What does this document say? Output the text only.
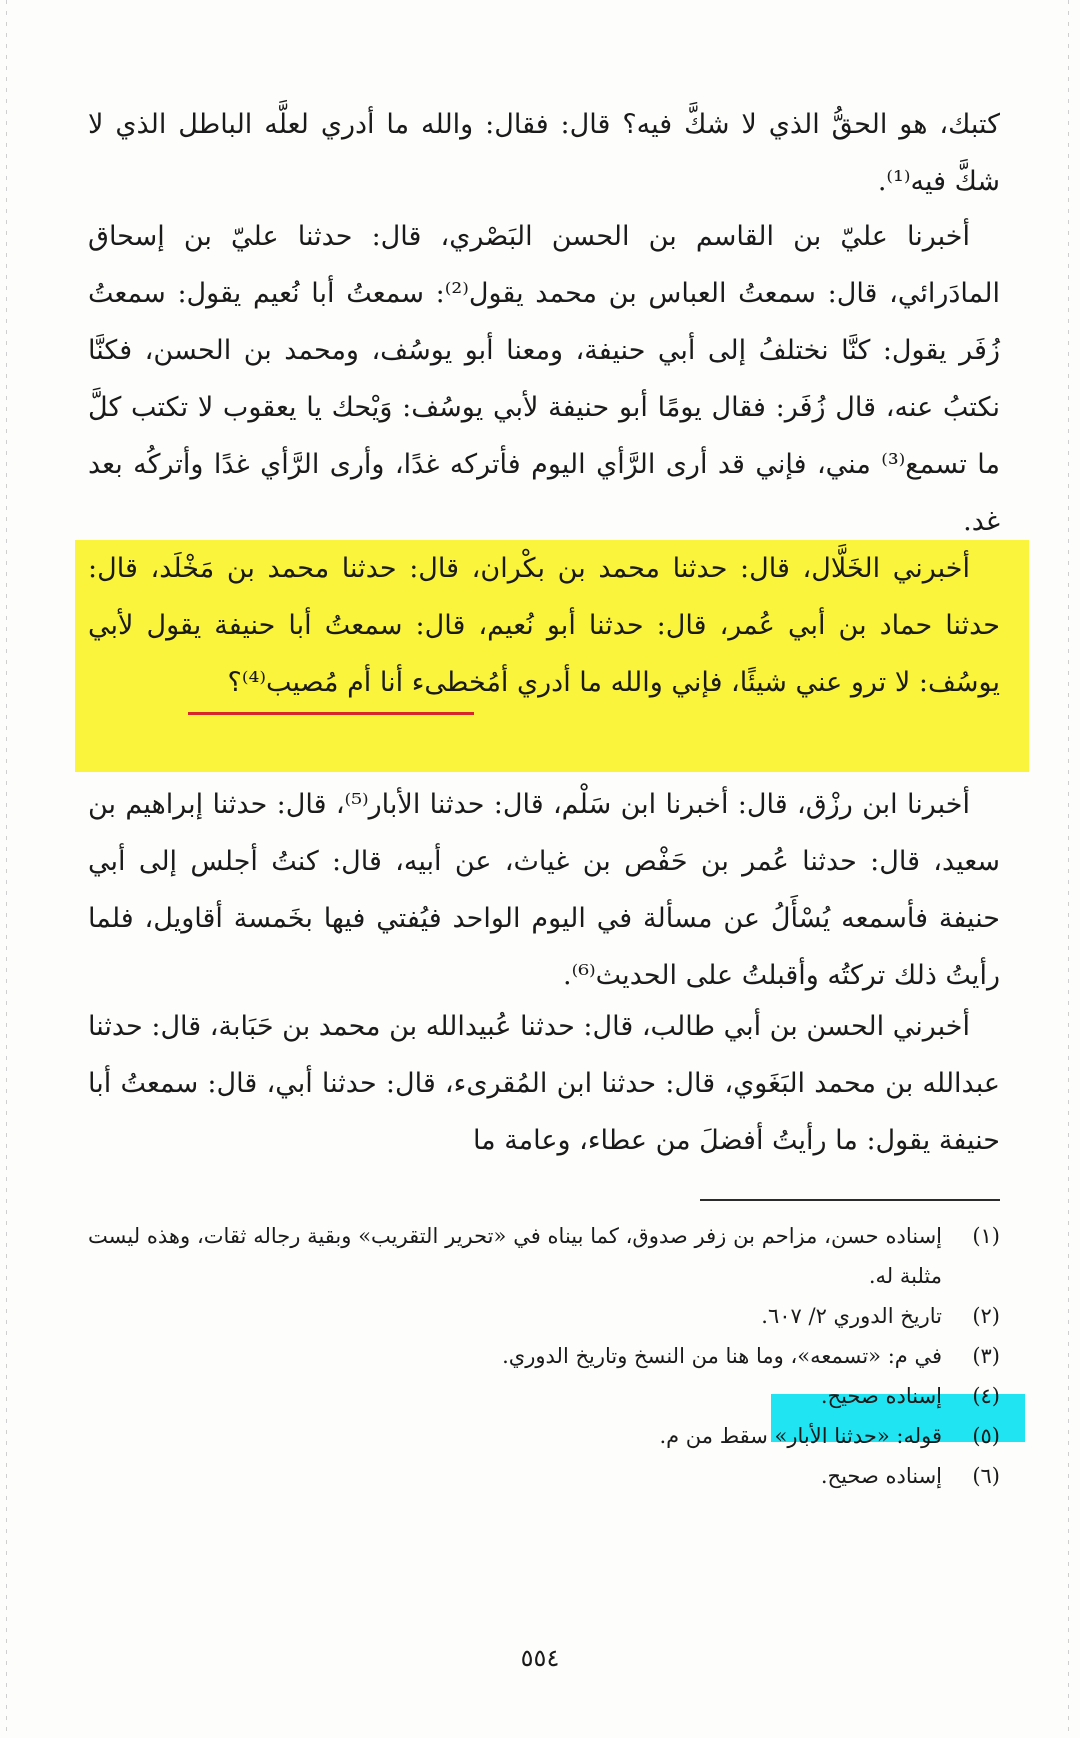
كتبك، هو الحقُّ الذي لا شكَّ فيه؟ قال: فقال: والله ما أدري لعلَّه الباطل الذي لا شكَّ فيه⁽¹⁾.

أخبرنا عليّ بن القاسم بن الحسن البَصْري، قال: حدثنا عليّ بن إسحاق المادَرائي، قال: سمعتُ العباس بن محمد يقول⁽²⁾: سمعتُ أبا نُعيم يقول: سمعتُ زُفَر يقول: كنَّا نختلفُ إلى أبي حنيفة، ومعنا أبو يوسُف، ومحمد بن الحسن، فكنَّا نكتبُ عنه، قال زُفَر: فقال يومًا أبو حنيفة لأبي يوسُف: وَيْحك يا يعقوب لا تكتب كلَّ ما تسمع⁽³⁾ مني، فإني قد أرى الرَّأي اليوم فأتركه غدًا، وأرى الرَّأي غدًا وأتركُه بعد غد.

أخبرني الخَلَّال، قال: حدثنا محمد بن بكْران، قال: حدثنا محمد بن مَخْلَد، قال: حدثنا حماد بن أبي عُمر، قال: حدثنا أبو نُعيم، قال: سمعتُ أبا حنيفة يقول لأبي يوسُف: لا ترو عني شيئًا، فإني والله ما أدري أمُخطىء أنا أم مُصيب⁽⁴⁾؟

أخبرنا ابن رزْق، قال: أخبرنا ابن سَلْم، قال: حدثنا الأبار⁽⁵⁾، قال: حدثنا إبراهيم بن سعيد، قال: حدثنا عُمر بن حَفْص بن غياث، عن أبيه، قال: كنتُ أجلس إلى أبي حنيفة فأسمعه يُسْأَلُ عن مسألة في اليوم الواحد فيُفتي فيها بخَمسة أقاويل، فلما رأيتُ ذلك تركتُه وأقبلتُ على الحديث⁽⁶⁾.

أخبرني الحسن بن أبي طالب، قال: حدثنا عُبيدالله بن محمد بن حَبَابة، قال: حدثنا عبدالله بن محمد البَغَوي، قال: حدثنا ابن المُقرىء، قال: حدثنا أبي، قال: سمعتُ أبا حنيفة يقول: ما رأيتُ أفضلَ من عطاء، وعامة ما

(١)
إسناده حسن، مزاحم بن زفر صدوق، كما بيناه في «تحرير التقريب» وبقية رجاله ثقات، وهذه ليست مثلبة له.
(٢)
تاريخ الدوري ٢/ ٦٠٧.
(٣)
في م: «تسمعه»، وما هنا من النسخ وتاريخ الدوري.
(٤)
إسناده صحيح.
(٥)
قوله: «حدثنا الأبار» سقط من م.
(٦)
إسناده صحيح.
٥٥٤
